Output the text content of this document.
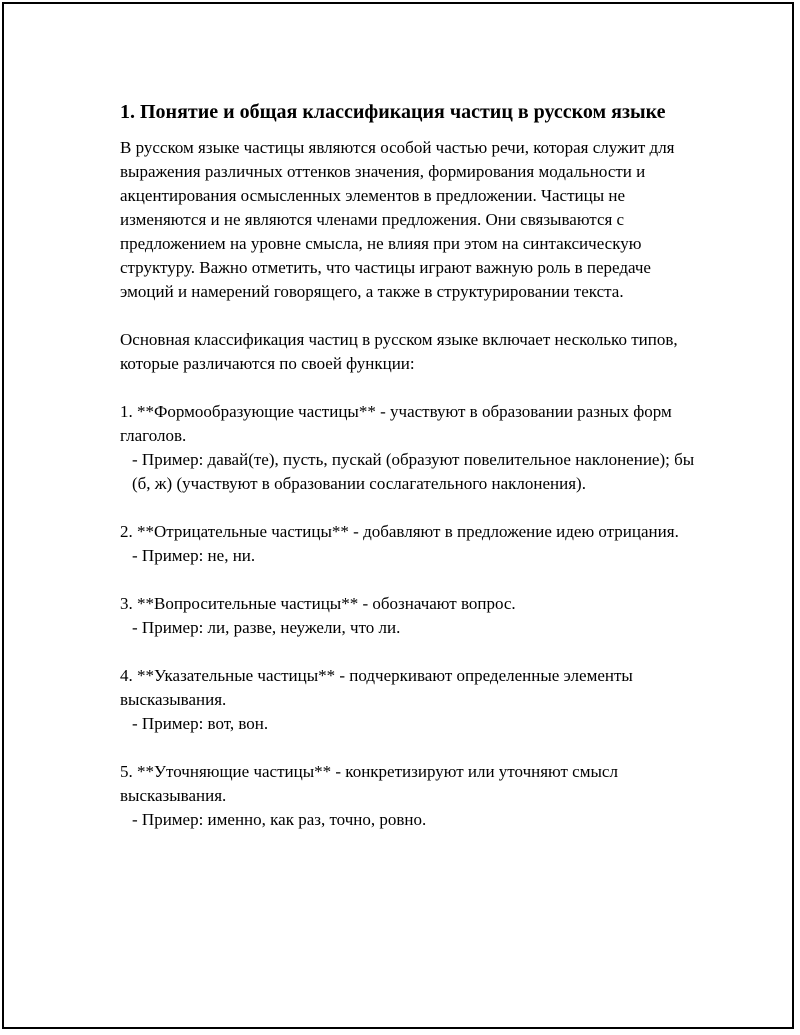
1. Понятие и общая классификация частиц в русском языке

В русском языке частицы являются особой частью речи, которая служит для выражения различных оттенков значения, формирования модальности и акцентирования осмысленных элементов в предложении. Частицы не изменяются и не являются членами предложения. Они связываются с предложением на уровне смысла, не влияя при этом на синтаксическую структуру. Важно отметить, что частицы играют важную роль в передаче эмоций и намерений говорящего, а также в структурировании текста.

Основная классификация частиц в русском языке включает несколько типов, которые различаются по своей функции:

1. **Формообразующие частицы** - участвуют в образовании разных форм глаголов.
- Пример: давай(те), пусть, пускай (образуют повелительное наклонение); бы (б, ж) (участвуют в образовании сослагательного наклонения).
2. **Отрицательные частицы** - добавляют в предложение идею отрицания.
- Пример: не, ни.
3. **Вопросительные частицы** - обозначают вопрос.
- Пример: ли, разве, неужели, что ли.
4. **Указательные частицы** - подчеркивают определенные элементы высказывания.
- Пример: вот, вон.
5. **Уточняющие частицы** - конкретизируют или уточняют смысл высказывания.
- Пример: именно, как раз, точно, ровно.
